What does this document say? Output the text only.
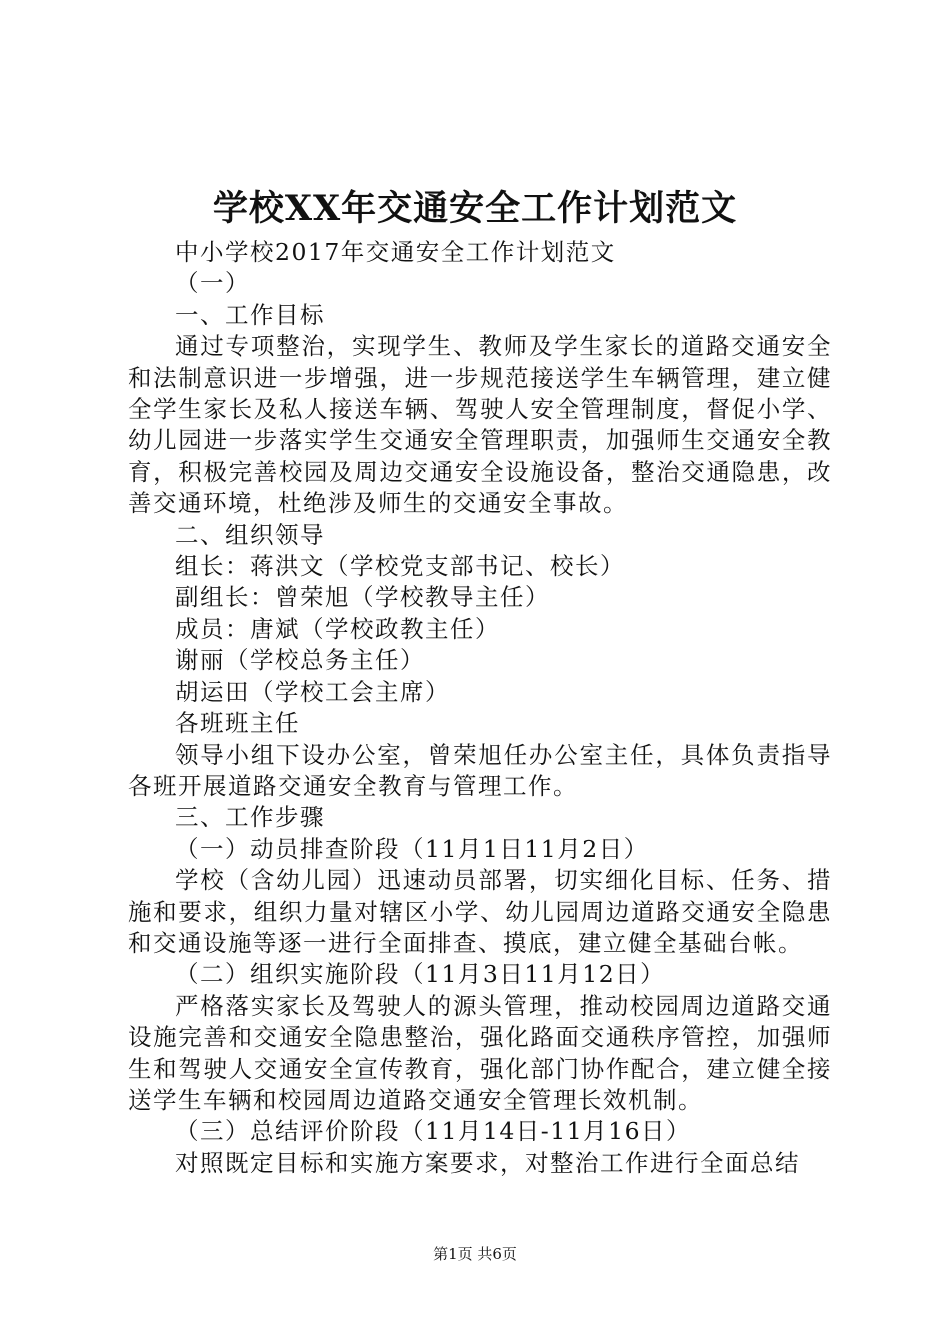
学校XX年交通安全工作计划范文

中小学校2017年交通安全工作计划范文

（一）

一、工作目标

通过专项整治，实现学生、教师及学生家长的道路交通安全和法制意识进一步增强，进一步规范接送学生车辆管理，建立健全学生家长及私人接送车辆、驾驶人安全管理制度，督促小学、幼儿园进一步落实学生交通安全管理职责，加强师生交通安全教育，积极完善校园及周边交通安全设施设备，整治交通隐患，改善交通环境，杜绝涉及师生的交通安全事故。

二、组织领导

组长：蒋洪文（学校党支部书记、校长）

副组长：曾荣旭（学校教导主任）

成员：唐斌（学校政教主任）

谢丽（学校总务主任）

胡运田（学校工会主席）

各班班主任

领导小组下设办公室，曾荣旭任办公室主任，具体负责指导各班开展道路交通安全教育与管理工作。

三、工作步骤

（一）动员排查阶段（11月1日11月2日）

学校（含幼儿园）迅速动员部署，切实细化目标、任务、措施和要求，组织力量对辖区小学、幼儿园周边道路交通安全隐患和交通设施等逐一进行全面排查、摸底，建立健全基础台帐。

（二）组织实施阶段（11月3日11月12日）

严格落实家长及驾驶人的源头管理，推动校园周边道路交通设施完善和交通安全隐患整治，强化路面交通秩序管控，加强师生和驾驶人交通安全宣传教育，强化部门协作配合，建立健全接送学生车辆和校园周边道路交通安全管理长效机制。

（三）总结评价阶段（11月14日-11月16日）

对照既定目标和实施方案要求，对整治工作进行全面总结

第1页 共6页
